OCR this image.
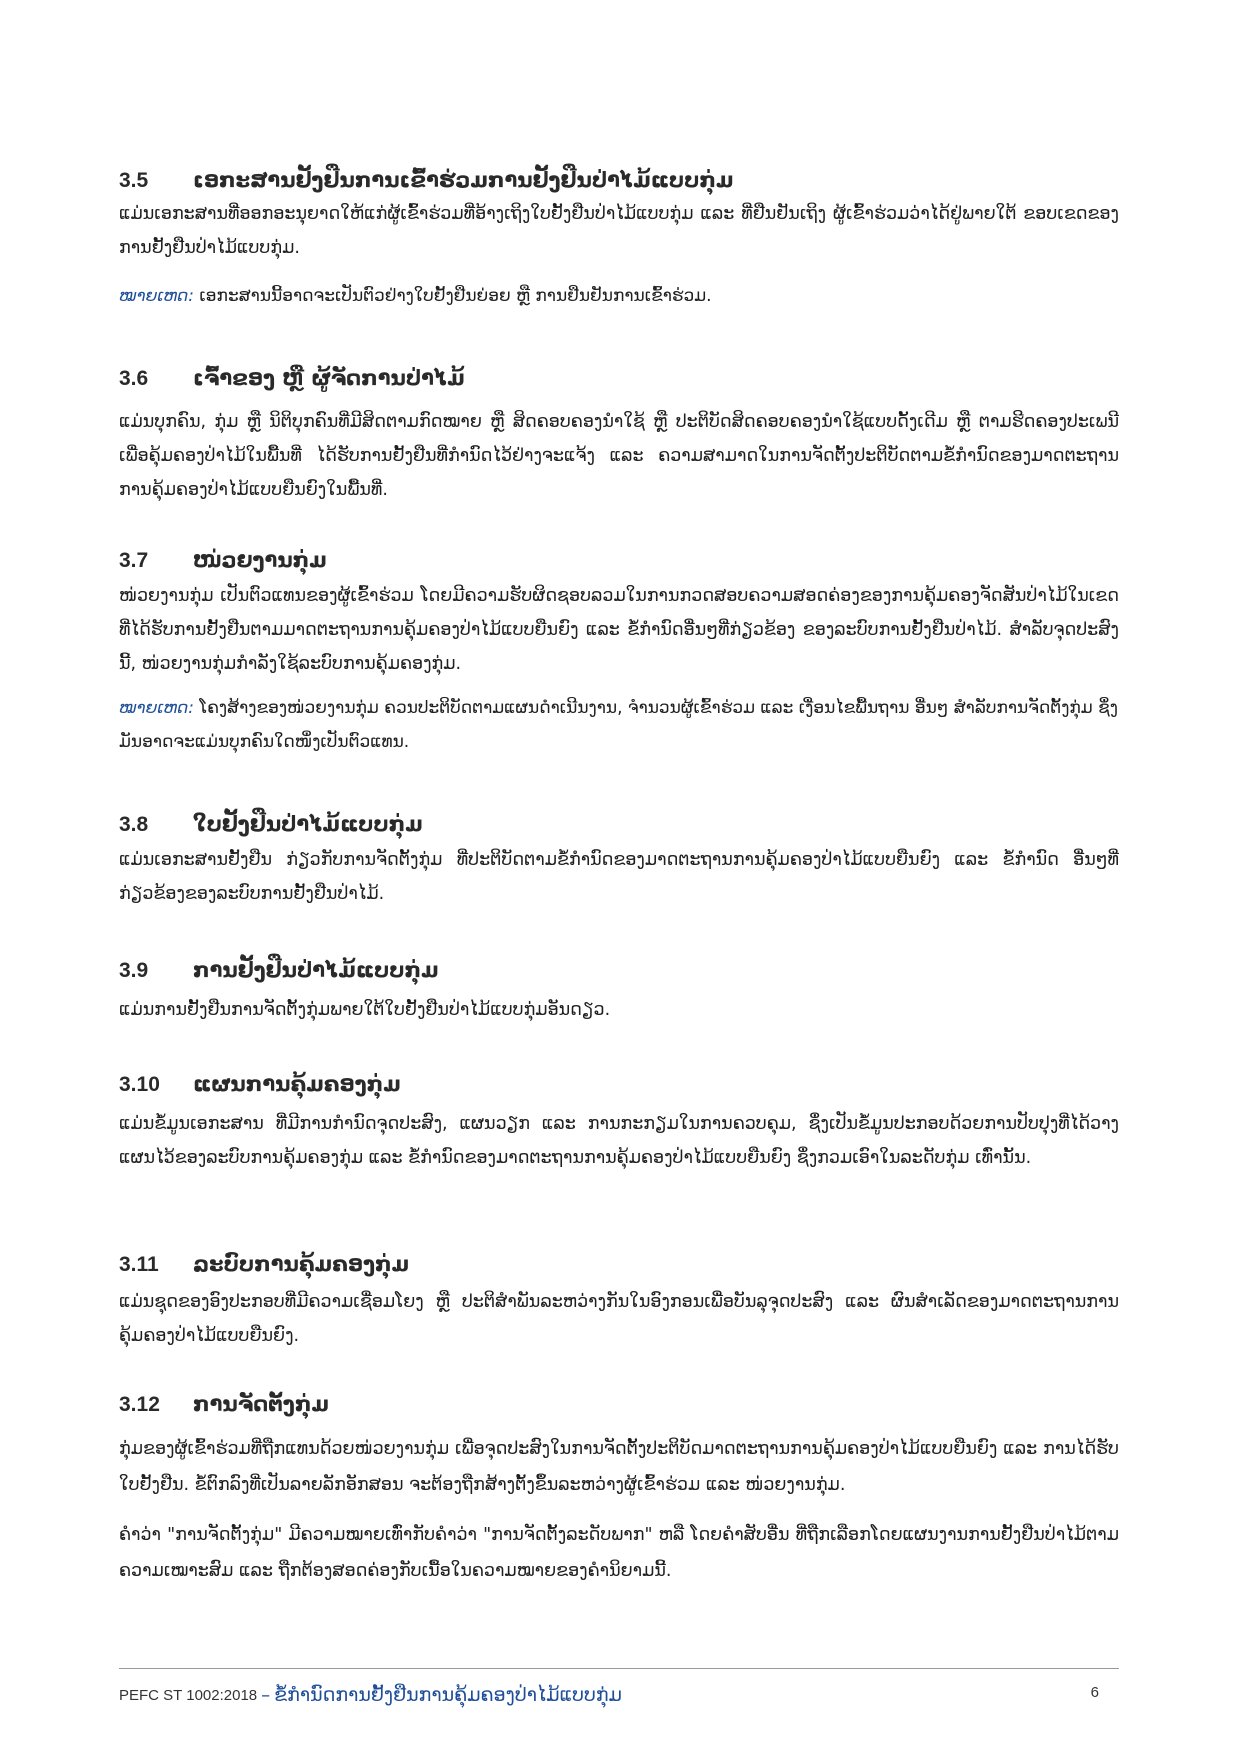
3.5	ເອກະສານຢັ້ງຢືນການເຂົ້າຮ່ວມການຢັ້ງຢືນປ່າໄມ້ແບບກຸ່ມ
ແມ່ນເອກະສານທີ່ອອກອະນຸຍາດໃຫ້ແກ່ຜູ້ເຂົ້າຮ່ວມທີ່ອ້າງເຖິງໃບຢັ້ງຢືນປ່າໄມ້ແບບກຸ່ມ ແລະ ທີ່ຢືນຢັນເຖິງ ຜູ້ເຂົ້າຮ່ວມວ່າໄດ້ຢູ່ພາຍໃຕ້ ຂອບເຂດຂອງການຢັ້ງຢືນປ່າໄມ້ແບບກຸ່ມ.
ໝາຍເຫດ: ເອກະສານນີ້ອາດຈະເປັນຕົວຢ່າງໃບຢັ້ງຢືນຍ່ອຍ ຫຼື ການຢືນຢັນການເຂົ້າຮ່ວມ.
3.6	ເຈົ້າຂອງ ຫຼື ຜູ້ຈັດການປ່າໄມ້
ແມ່ນບຸກຄົນ, ກຸ່ມ ຫຼື ນິຕິບຸກຄົນທີ່ມີສິດຕາມກົດໝາຍ ຫຼື ສິດຄອບຄອງນຳໃຊ້ ຫຼື ປະຕິບັດສິດຄອບຄອງນຳໃຊ້ແບບດັ້ງເດີມ ຫຼື ຕາມຮີດຄອງປະເພນີ ເພື່ອຄຸ້ມຄອງປ່າໄມ້ໃນພື້ນທີ່ ໄດ້ຮັບການຢັ້ງຢືນທີ່ກຳນົດໄວ້ຢ່າງຈະແຈ້ງ ແລະ ຄວາມສາມາດໃນການຈັດຕັ້ງປະຕິບັດຕາມຂໍ້ກຳນົດຂອງມາດຕະຖານການຄຸ້ມຄອງປ່າໄມ້ແບບຍືນຍົງໃນພື້ນທີ່.
3.7	ໜ່ວຍງານກຸ່ມ
ໜ່ວຍງານກຸ່ມ ເປັນຕົວແທນຂອງຜູ້ເຂົ້າຮ່ວມ ໂດຍມີຄວາມຮັບຜິດຊອບລວມໃນການກວດສອບຄວາມສອດຄ່ອງຂອງການຄຸ້ມຄອງຈັດສັນປ່າໄມ້ໃນເຂດທີ່ໄດ້ຮັບການຢັ້ງຢືນຕາມມາດຕະຖານການຄຸ້ມຄອງປ່າໄມ້ແບບຍືນຍົງ ແລະ ຂໍ້ກຳນົດອື່ນໆທີ່ກ່ຽວຂ້ອງ ຂອງລະບົບການຢັ້ງຢືນປ່າໄມ້. ສຳລັບຈຸດປະສົງນີ້, ໜ່ວຍງານກຸ່ມກຳລັງໃຊ້ລະບົບການຄຸ້ມຄອງກຸ່ມ.
ໝາຍເຫດ: ໂຄງສ້າງຂອງໜ່ວຍງານກຸ່ມ ຄວນປະຕິບັດຕາມແຜນດຳເນີນງານ, ຈຳນວນຜູ້ເຂົ້າຮ່ວມ ແລະ ເງື່ອນໄຂພື້ນຖານ ອື່ນໆ ສຳລັບການຈັດຕັ້ງກຸ່ມ ຊຶ່ງມັນອາດຈະແມ່ນບຸກຄົນໃດໜຶ່ງເປັນຕົວແທນ.
3.8	ໃບຢັ້ງຢືນປ່າໄມ້ແບບກຸ່ມ
ແມ່ນເອກະສານຢັ້ງຢືນ ກ່ຽວກັບການຈັດຕັ້ງກຸ່ມ ທີ່ປະຕິບັດຕາມຂໍ້ກຳນົດຂອງມາດຕະຖານການຄຸ້ມຄອງປ່າໄມ້ແບບຍືນຍົງ ແລະ ຂໍ້ກຳນົດ ອື່ນໆທີ່ກ່ຽວຂ້ອງຂອງລະບົບການຢັ້ງຢືນປ່າໄມ້.
3.9	ການຢັ້ງຢືນປ່າໄມ້ແບບກຸ່ມ
ແມ່ນການຢັ້ງຢືນການຈັດຕັ້ງກຸ່ມພາຍໃຕ້ໃບຢັ້ງຢືນປ່າໄມ້ແບບກຸ່ມອັນດຽວ.
3.10	ແຜນການຄຸ້ມຄອງກຸ່ມ
ແມ່ນຂໍ້ມູນເອກະສານ ທີ່ມີການກຳນົດຈຸດປະສົງ, ແຜນວຽກ ແລະ ການກະກຽມໃນການຄວບຄຸມ, ຊຶ່ງເປັນຂໍ້ມູນປະກອບດ້ວຍການປັບປຸງທີ່ໄດ້ວາງແຜນໄວ້ຂອງລະບົບການຄຸ້ມຄອງກຸ່ມ ແລະ ຂໍ້ກຳນົດຂອງມາດຕະຖານການຄຸ້ມຄອງປ່າໄມ້ແບບຍືນຍົງ ຊຶ່ງກວມເອົາໃນລະດັບກຸ່ມ ເທົ່ານັ້ນ.
3.11	ລະບົບການຄຸ້ມຄອງກຸ່ມ
ແມ່ນຊຸດຂອງອົງປະກອບທີ່ມີຄວາມເຊື່ອມໂຍງ ຫຼື ປະຕິສຳພັນລະຫວ່າງກັນໃນອົງກອນເພື່ອບັນລຸຈຸດປະສົງ ແລະ ຜົນສຳເລັດຂອງມາດຕະຖານການຄຸ້ມຄອງປ່າໄມ້ແບບຍືນຍົງ.
3.12	ການຈັດຕັ້ງກຸ່ມ
ກຸ່ມຂອງຜູ້ເຂົ້າຮ່ວມທີ່ຖືກແທນດ້ວຍໜ່ວຍງານກຸ່ມ ເພື່ອຈຸດປະສົງໃນການຈັດຕັ້ງປະຕິບັດມາດຕະຖານການຄຸ້ມຄອງປ່າໄມ້ແບບຍືນຍົງ ແລະ ການໄດ້ຮັບໃບຢັ້ງຢືນ. ຂໍ້ຕົກລົງທີ່ເປັນລາຍລັກອັກສອນ ຈະຕ້ອງຖືກສ້າງຕັ້ງຂຶ້ນລະຫວ່າງຜູ້ເຂົ້າຮ່ວມ ແລະ ໜ່ວຍງານກຸ່ມ.
ຄຳວ່າ "ການຈັດຕັ້ງກຸ່ມ" ມີຄວາມໝາຍເທົ່າກັບຄຳວ່າ "ການຈັດຕັ້ງລະດັບພາກ" ຫລື ໂດຍຄຳສັບອື່ນ ທີ່ຖືກເລືອກໂດຍແຜນງານການຢັ້ງຢືນປ່າໄມ້ຕາມຄວາມເໝາະສົມ ແລະ ຖືກຕ້ອງສອດຄ່ອງກັບເນື້ອໃນຄວາມໝາຍຂອງຄຳນິຍາມນີ້.
PEFC ST 1002:2018 – ຂໍ້ກຳນົດການຢັ້ງຢືນການຄຸ້ມຄອງປ່າໄມ້ແບບກຸ່ມ	6
